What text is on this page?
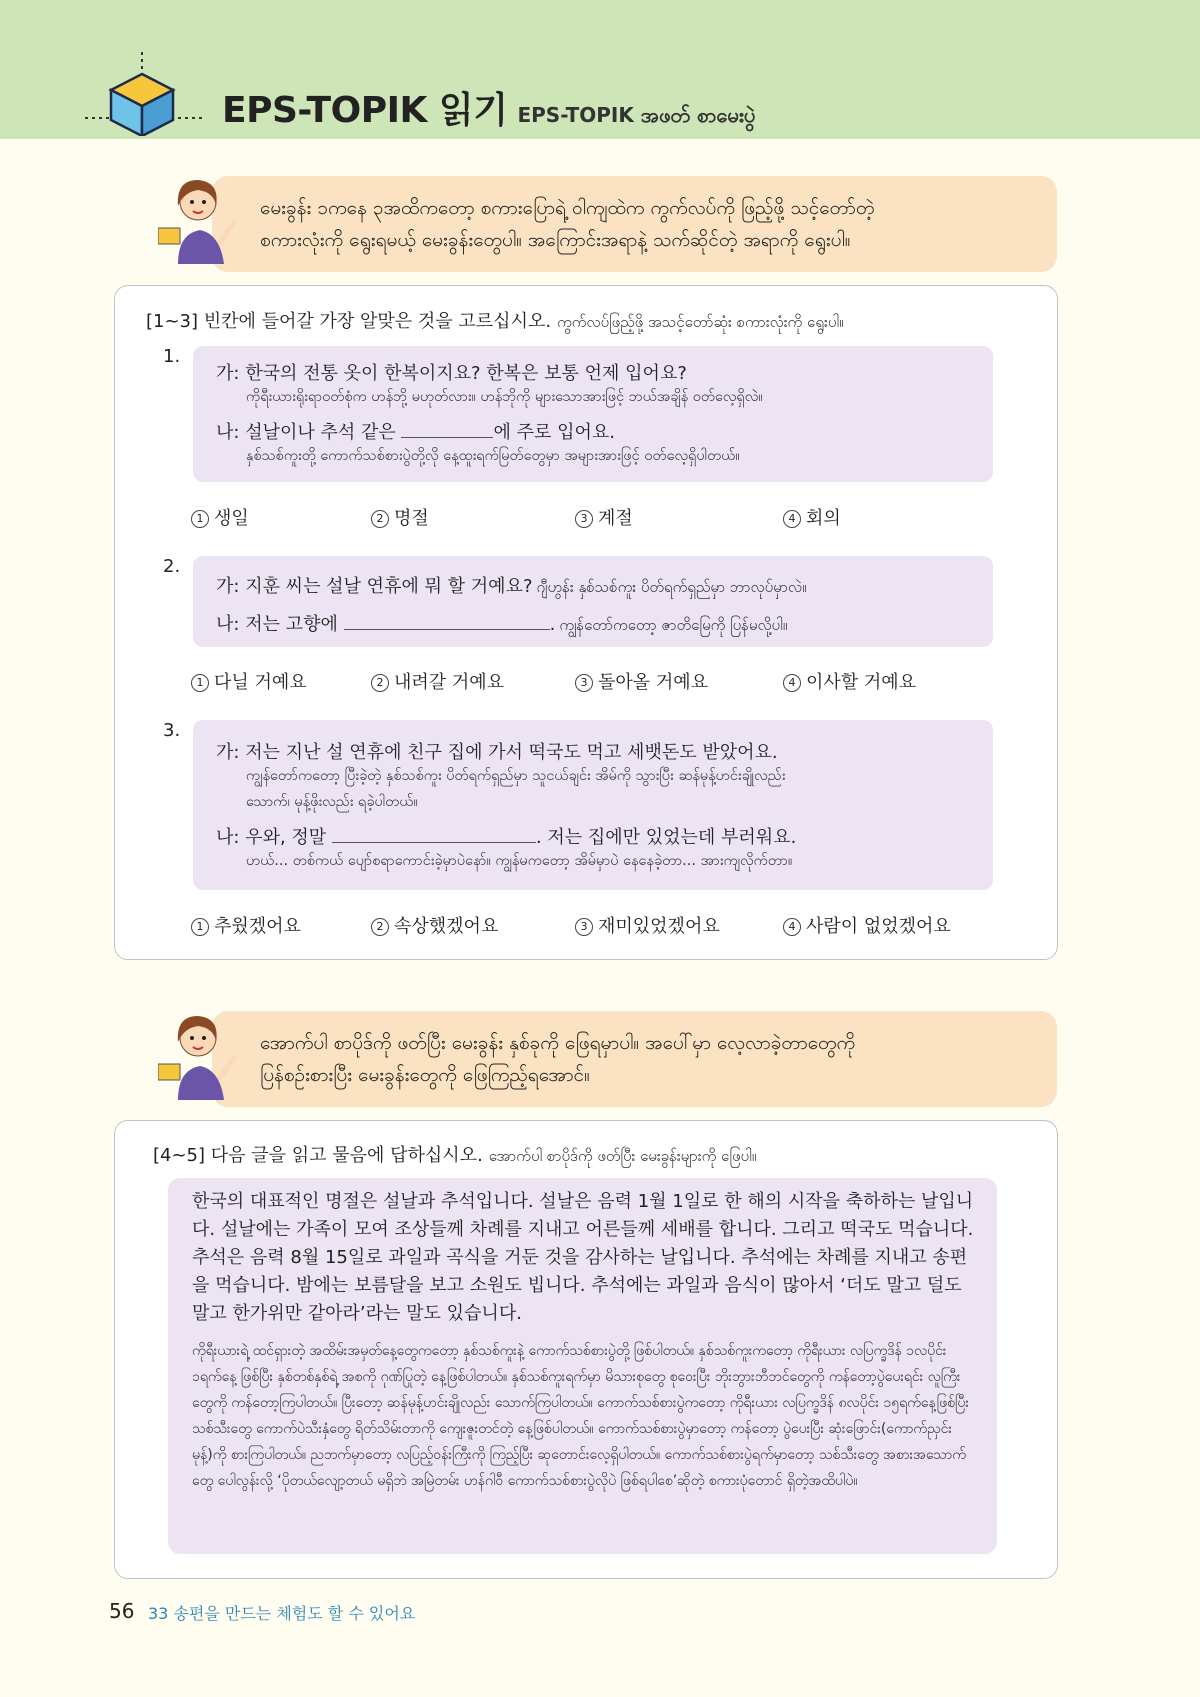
EPS-TOPIK 읽기 EPS-TOPIK အဖတ် စာမေးပွဲ
မေးခွန်း ၁ကနေ ၃အထိကတော့ စကားပြောရဲ့ ဝါကျထဲက ကွက်လပ်ကို ဖြည့်ဖို့ သင့်တော်တဲ့
စကားလုံးကို ရွေးရမယ့် မေးခွန်းတွေပါ။ အကြောင်းအရာနဲ့ သက်ဆိုင်တဲ့ အရာကို ရွေးပါ။
[1~3] 빈칸에 들어갈 가장 알맞은 것을 고르십시오. ကွက်လပ်ဖြည့်ဖို့ အသင့်တော်ဆုံး စကားလုံးကို ရွေးပါ။
1.
가: 한국의 전통 옷이 한복이지요? 한복은 보통 언제 입어요?
ကိုရီးယားရိုးရာဝတ်စုံက ဟန်ဘို့ မဟုတ်လား။ ဟန်ဘိုကို များသောအားဖြင့် ဘယ်အချိန် ဝတ်လေ့ရှိလဲ။
나: 설날이나 추석 같은	에 주로 입어요.
နှစ်သစ်ကူးတို့ ကောက်သစ်စားပွဲတို့လို နေ့ထူးရက်မြတ်တွေမှာ အများအားဖြင့် ဝတ်လေ့ရှိပါတယ်။
1 생일	2 명절	3 계절	4 회의
2.
가: 지훈 씨는 설날 연휴에 뭐 할 거예요? ဂျီဟွန်း နှစ်သစ်ကူး ပိတ်ရက်ရှည်မှာ ဘာလုပ်မှာလဲ။
나: 저는 고향에	. ကျွန်တော်ကတော့ ဇာတိမြေကို ပြန်မလို့ပါ။
1 다닐 거예요	2 내려갈 거예요	3 돌아올 거예요	4 이사할 거예요
3.
가: 저는 지난 설 연휴에 친구 집에 가서 떡국도 먹고 세뱃돈도 받았어요.
ကျွန်တော်ကတော့ ပြီးခဲ့တဲ့ နှစ်သစ်ကူး ပိတ်ရက်ရှည်မှာ သူငယ်ချင်း အိမ်ကို သွားပြီး ဆန်မုန့်ဟင်းချိုလည်း
သောက်၊ မုန့်ဖိုးလည်း ရခဲ့ပါတယ်။
나: 우와, 정말	. 저는 집에만 있었는데 부러워요.
ဟယ်... တစ်ကယ် ပျော်စရာကောင်းခဲ့မှာပဲနော်။ ကျွန်မကတော့ အိမ်မှာပဲ နေနေခဲ့တာ... အားကျလိုက်တာ။
1 추웠겠어요	2 속상했겠어요	3 재미있었겠어요	4 사람이 없었겠어요
အောက်ပါ စာပိုဒ်ကို ဖတ်ပြီး မေးခွန်း နှစ်ခုကို ဖြေရမှာပါ။ အပေါ်မှာ လေ့လာခဲ့တာတွေကို
ပြန်စဉ်းစားပြီး မေးခွန်းတွေကို ဖြေကြည့်ရအောင်။
[4~5] 다음 글을 읽고 물음에 답하십시오. အောက်ပါ စာပိုဒ်ကို ဖတ်ပြီး မေးခွန်းများကို ဖြေပါ။
한국의 대표적인 명절은 설날과 추석입니다. 설날은 음력 1월 1일로 한 해의 시작을 축하하는 날입니다. 설날에는 가족이 모여 조상들께 차례를 지내고 어른들께 세배를 합니다. 그리고 떡국도 먹습니다. 추석은 음력 8월 15일로 과일과 곡식을 거둔 것을 감사하는 날입니다. 추석에는 차례를 지내고 송편을 먹습니다. 밤에는 보름달을 보고 소원도 빕니다. 추석에는 과일과 음식이 많아서 ‘더도 말고 덜도 말고 한가위만 같아라’라는 말도 있습니다.
ကိုရီးယားရဲ့ ထင်ရှားတဲ့ အထိမ်းအမှတ်နေ့တွေကတော့ နှစ်သစ်ကူးနဲ့ ကောက်သစ်စားပွဲတို့ ဖြစ်ပါတယ်။ နှစ်သစ်ကူးကတော့ ကိုရီးယား လပြက္ခဒိန် ၁လပိုင်း ၁ရက်နေ့ ဖြစ်ပြီး နှစ်တစ်နှစ်ရဲ့ အစကို ဂုဏ်ပြုတဲ့ နေ့ဖြစ်ပါတယ်။ နှစ်သစ်ကူးရက်မှာ မိသားစုတွေ စုဝေးပြီး ဘိုးဘွားဘီဘင်တွေကို ကန်တော့ပွဲပေးရင်း လူကြီးတွေကို ကန်တော့ကြပါတယ်။ ပြီးတော့ ဆန်မုန့်ဟင်းချိုလည်း သောက်ကြပါတယ်။ ကောက်သစ်စားပွဲကတော့ ကိုရီးယား လပြက္ခဒိန် ၈လပိုင်း ၁၅ရက်နေ့ဖြစ်ပြီး သစ်သီးတွေ ကောက်ပဲသီးနှံတွေ ရိတ်သိမ်းတာကို ကျေးဇူးတင်တဲ့ နေ့ဖြစ်ပါတယ်။ ကောက်သစ်စားပွဲမှာတော့ ကန်တော့ ပွဲပေးပြီး ဆုံးဖြောင်း(ကောက်ညှင်းမုန့်)ကို စားကြပါတယ်။ ညဘက်မှာတော့ လပြည့်ဝန်းကြီးကို ကြည့်ပြီး ဆုတောင်းလေ့ရှိပါတယ်။ ကောက်သစ်စားပွဲရက်မှာတော့ သစ်သီးတွေ အစားအသောက်တွေ ပေါလွန်းလို့ ‘ပိုတယ်လျော့တယ် မရှိဘဲ အမြဲတမ်း ဟန်ဂါဝီ ကောက်သစ်စားပွဲလိုပဲ ဖြစ်ရပါစေ’ဆိုတဲ့ စကားပုံတောင် ရှိတဲ့အထိပါပဲ။
56 33 송편을 만드는 체험도 할 수 있어요
